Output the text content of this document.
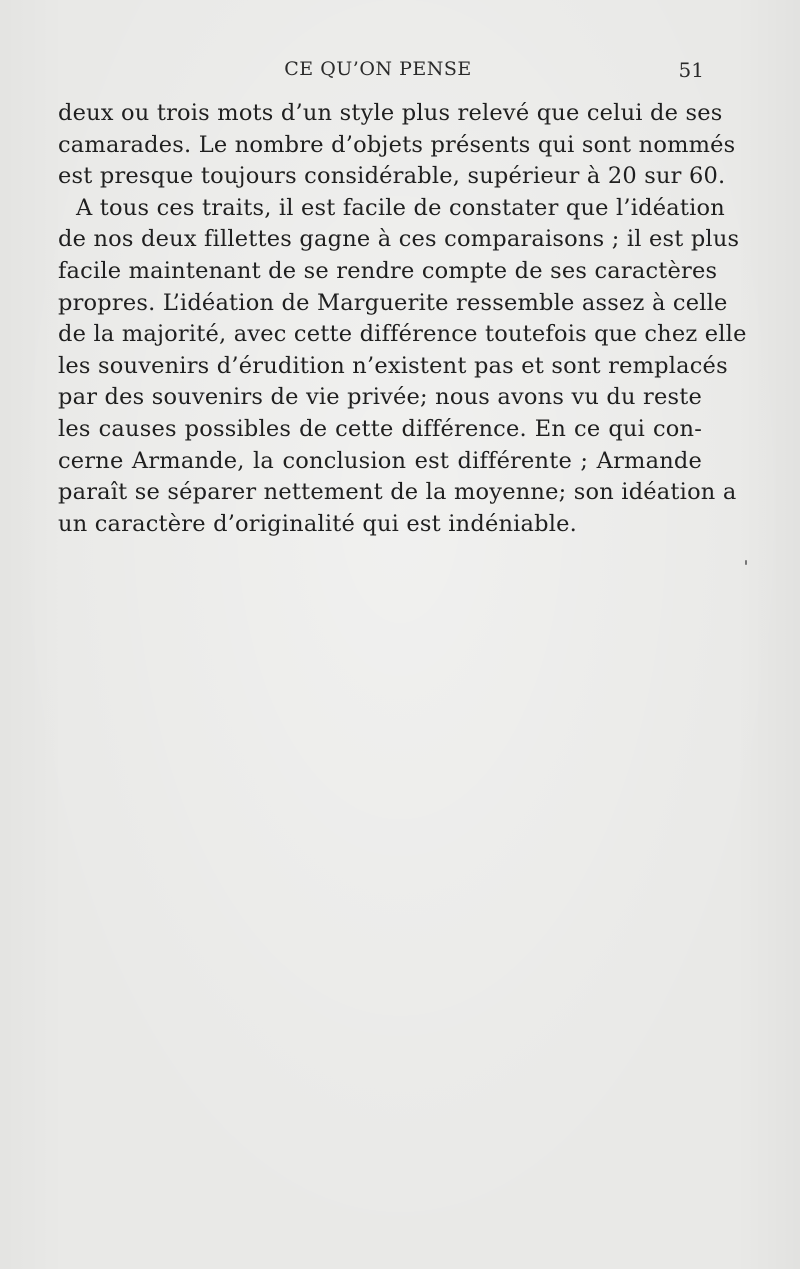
CE QU’ON PENSE	51
deux ou trois mots d’un style plus relevé que celui de ses
camarades. Le nombre d’objets présents qui sont nommés
est presque toujours considérable, supérieur à 20 sur 60.
A tous ces traits, il est facile de constater que l’idéation
de nos deux fillettes gagne à ces comparaisons ; il est plus
facile maintenant de se rendre compte de ses caractères
propres. L’idéation de Marguerite ressemble assez à celle
de la majorité, avec cette différence toutefois que chez elle
les souvenirs d’érudition n’existent pas et sont remplacés
par des souvenirs de vie privée; nous avons vu du reste
les causes possibles de cette différence. En ce qui con-
cerne Armande, la conclusion est différente ; Armande
paraît se séparer nettement de la moyenne; son idéation a
un caractère d’originalité qui est indéniable.
